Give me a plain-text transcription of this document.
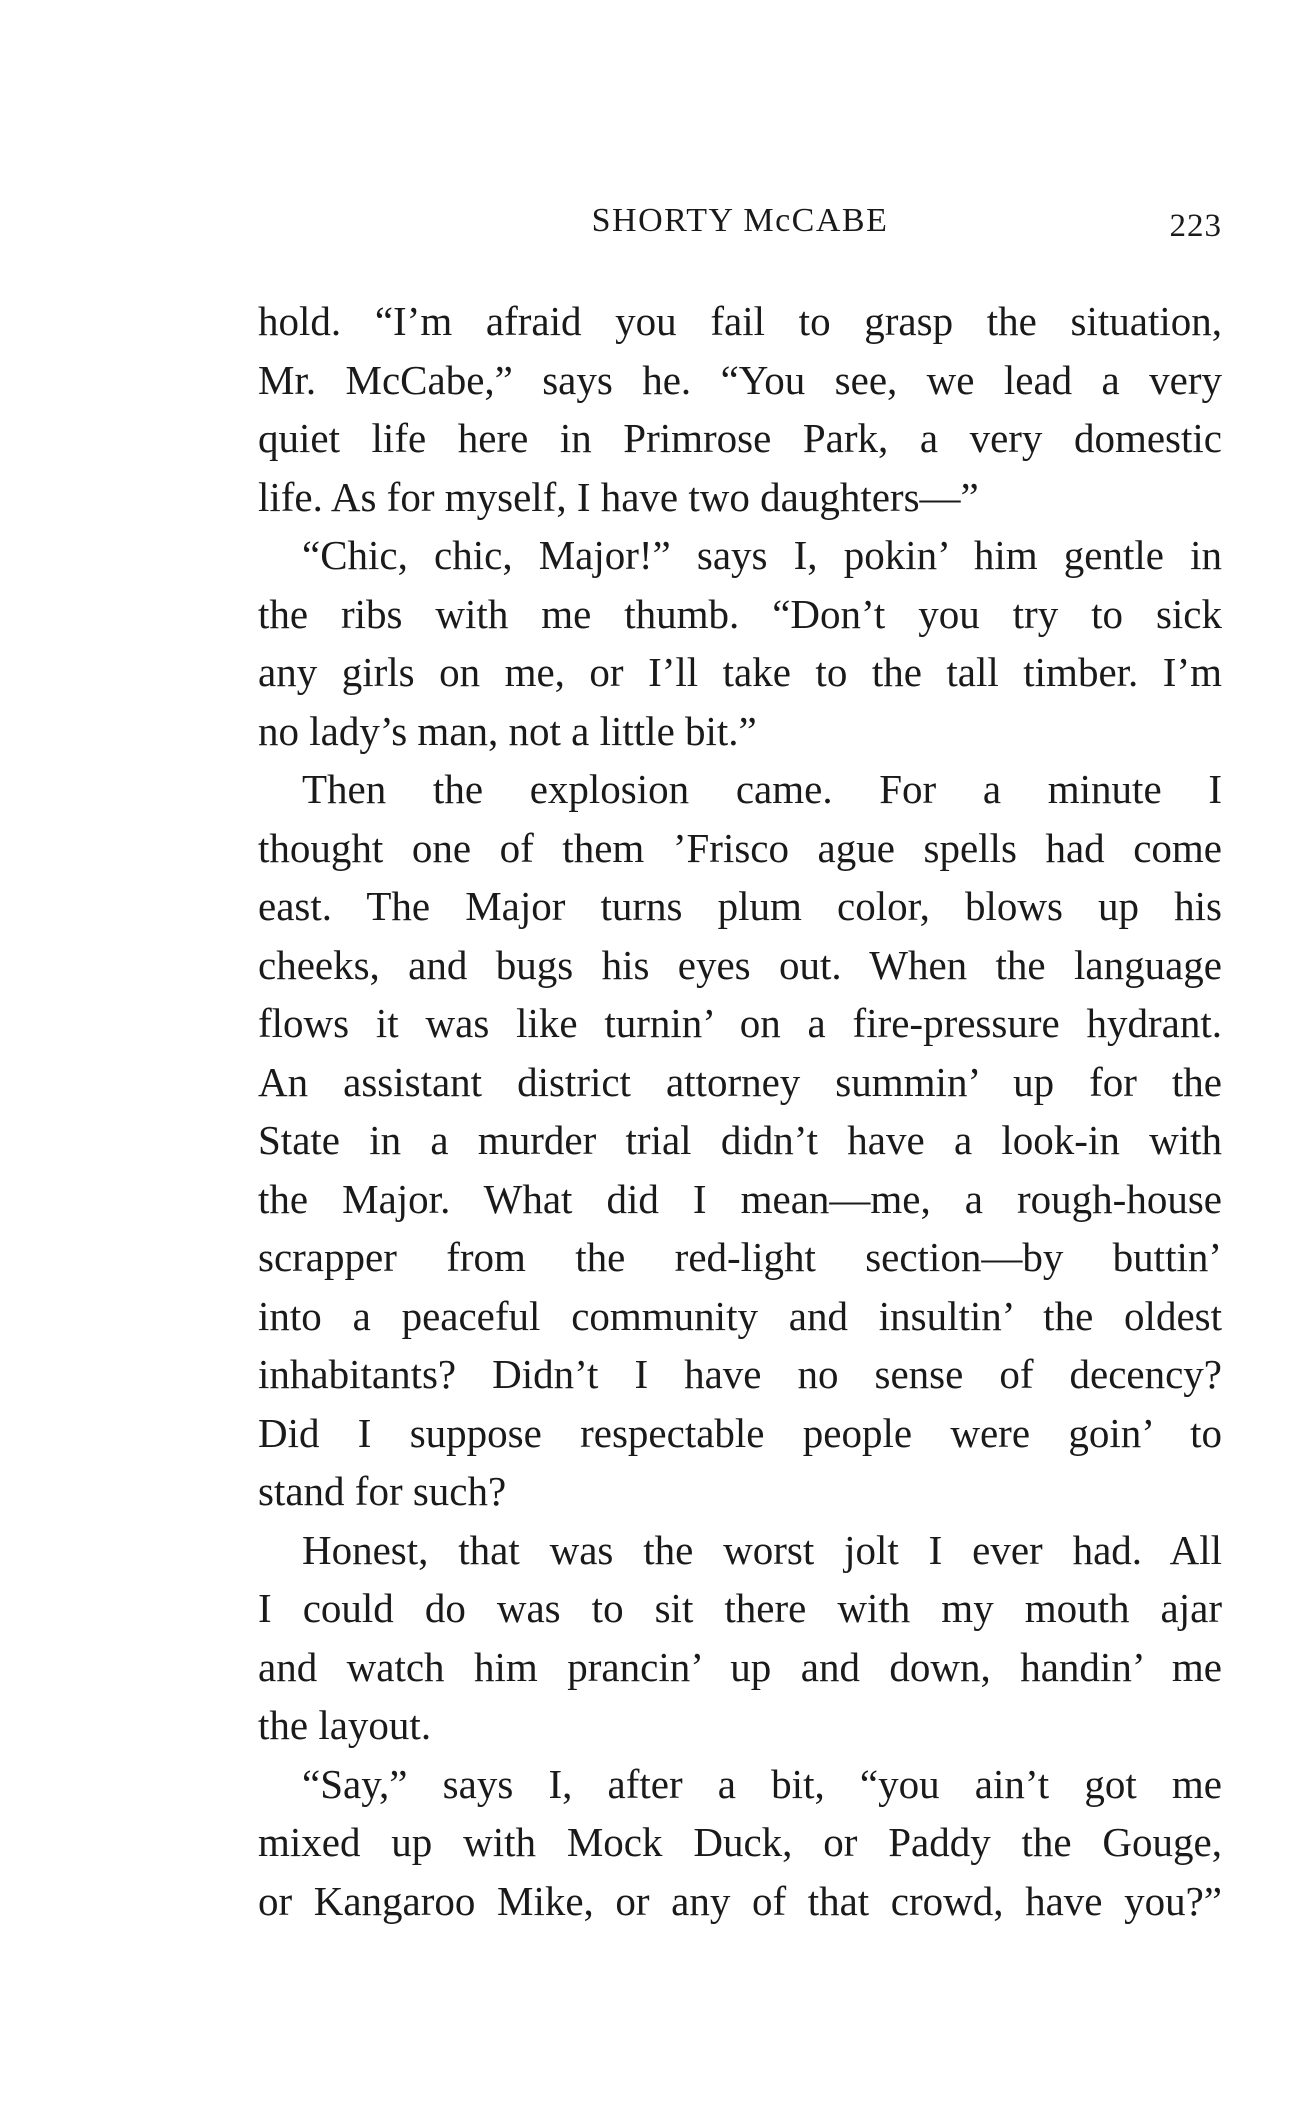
SHORTY McCABE	223
hold. “I’m afraid you fail to grasp the situation,
Mr. McCabe,” says he. “You see, we lead a very
quiet life here in Primrose Park, a very domestic
life. As for myself, I have two daughters—”
“Chic, chic, Major!” says I, pokin’ him gentle in
the ribs with me thumb. “Don’t you try to sick
any girls on me, or I’ll take to the tall timber. I’m
no lady’s man, not a little bit.”
Then the explosion came. For a minute I
thought one of them ’Frisco ague spells had come
east. The Major turns plum color, blows up his
cheeks, and bugs his eyes out. When the language
flows it was like turnin’ on a fire-pressure hydrant.
An assistant district attorney summin’ up for the
State in a murder trial didn’t have a look-in with
the Major. What did I mean—me, a rough-house
scrapper from the red-light section—by buttin’
into a peaceful community and insultin’ the oldest
inhabitants? Didn’t I have no sense of decency?
Did I suppose respectable people were goin’ to
stand for such?
Honest, that was the worst jolt I ever had. All
I could do was to sit there with my mouth ajar
and watch him prancin’ up and down, handin’ me
the layout.
“Say,” says I, after a bit, “you ain’t got me
mixed up with Mock Duck, or Paddy the Gouge,
or Kangaroo Mike, or any of that crowd, have you?”
